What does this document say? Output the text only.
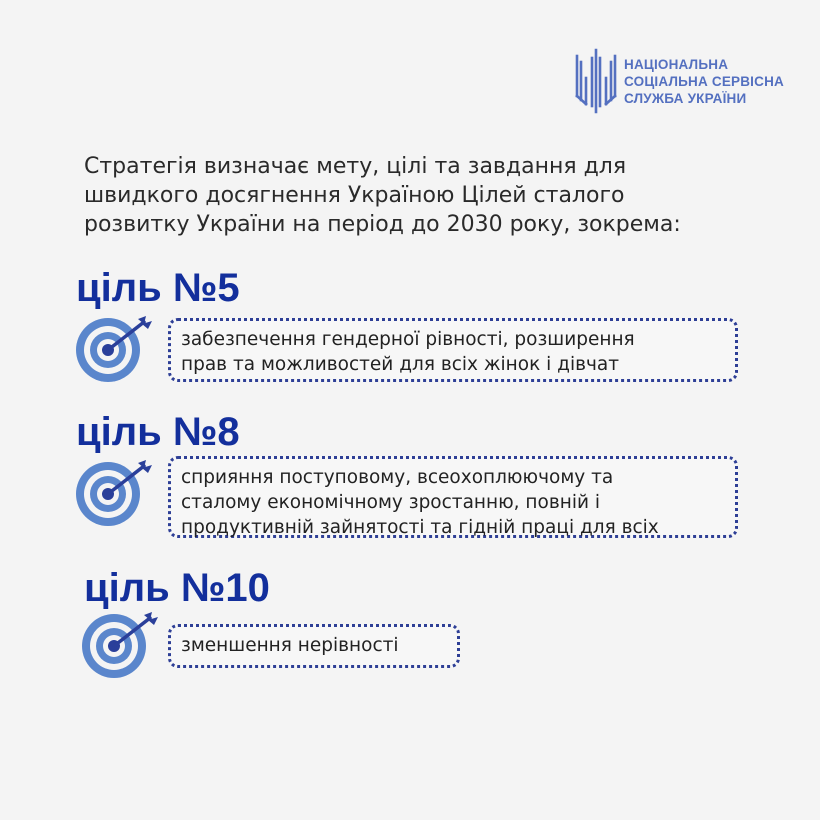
НАЦІОНАЛЬНА
СОЦІАЛЬНА СЕРВІСНА
СЛУЖБА УКРАЇНИ
Стратегія визначає мету, цілі та завдання для
швидкого досягнення Україною Цілей сталого
розвитку України на період до 2030 року, зокрема:
ціль №5
забезпечення гендерної рівності, розширення
прав та можливостей для всіх жінок і дівчат
ціль №8
сприяння поступовому, всеохоплюючому та
сталому економічному зростанню, повній і
продуктивній зайнятості та гідній праці для всіх
ціль №10
зменшення нерівності
